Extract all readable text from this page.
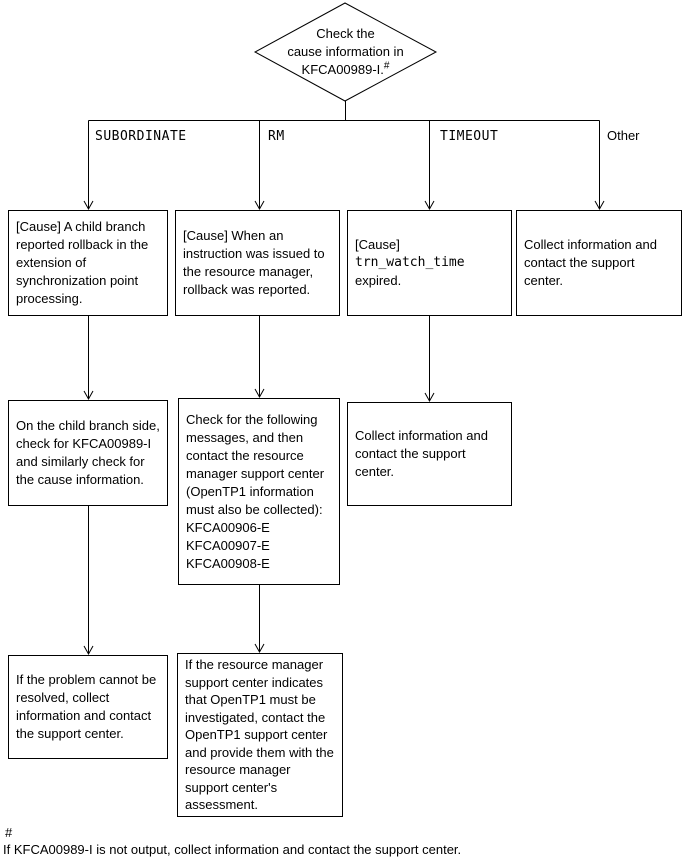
Check the
cause information in
KFCA00989-I.#
SUBORDINATE	RM	TIMEOUT	Other
[Cause] A child branch reported rollback in the extension of synchronization point processing.
[Cause] When an instruction was issued to the resource manager, rollback was reported.
[Cause]
trn_watch_time
expired.
Collect information and contact the support center.
On the child branch side, check for KFCA00989-I and similarly check for the cause information.
Check for the following messages, and then contact the resource manager support center (OpenTP1 information must also be collected):
KFCA00906-E
KFCA00907-E
KFCA00908-E
Collect information and contact the support center.
If the problem cannot be resolved, collect information and contact the support center.
If the resource manager support center indicates that OpenTP1 must be investigated, contact the OpenTP1 support center and provide them with the resource manager support center's assessment.
#
If KFCA00989-I is not output, collect information and contact the support center.
